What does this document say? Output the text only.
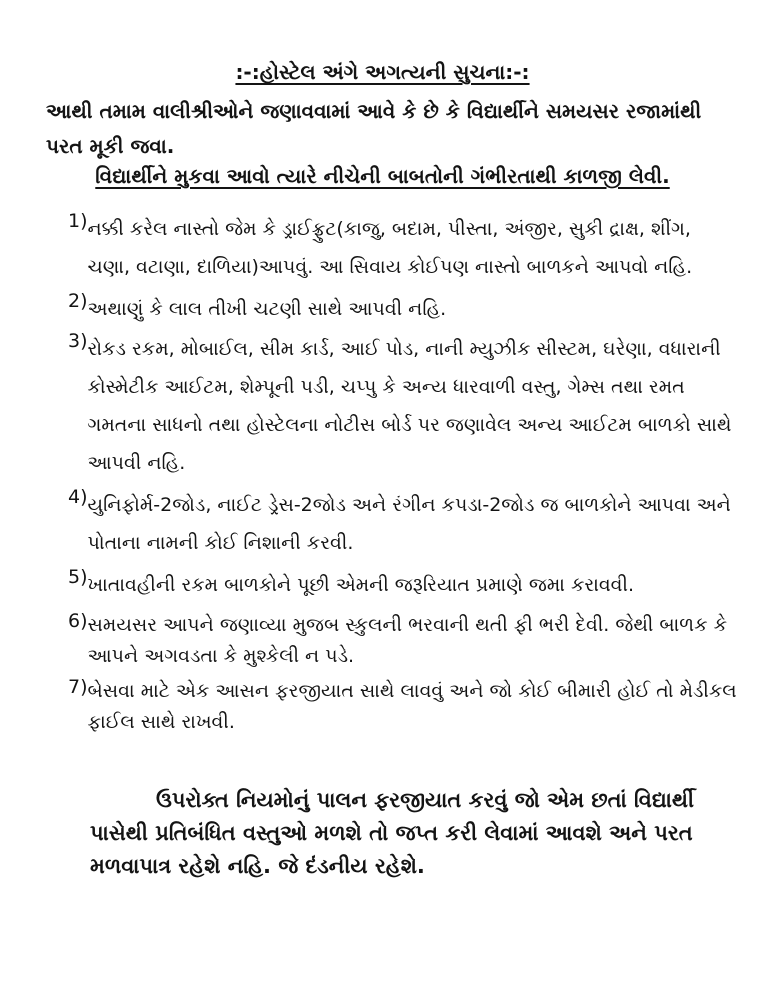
:-:હોસ્ટેલ અંગે અગત્યની સુચના:-:
આથી તમામ વાલીશ્રીઓને જણાવવામાં આવે કે છે કે વિદ્યાર્થીને સમયસર રજામાંથી પરત મૂકી જવા.
વિદ્યાર્થીને મુકવા આવો ત્યારે નીચેની બાબતોની ગંભીરતાથી કાળજી લેવી.
1) નક્કી કરેલ નાસ્તો જેમ કે ડ્રાઈફ્રુટ(કાજુ, બદામ, પીસ્તા, અંજીર, સુકી દ્રાક્ષ, શીંગ, ચણા, વટાણા, દાળિયા)આપવું. આ સિવાય કોઈપણ નાસ્તો બાળકને આપવો નહિ.
2) અથાણું કે લાલ તીખી ચટણી સાથે આપવી નહિ.
3) રોકડ રકમ, મોબાઈલ, સીમ કાર્ડ, આઈ પોડ, નાની મ્યુઝીક સીસ્ટમ, ઘરેણા, વધારાની કોસ્મેટીક આઈટમ, શેમ્પૂની પડી, ચપ્પુ કે અન્ય ધારવાળી વસ્તુ, ગેમ્સ તથા રમત ગમતના સાધનો તથા હોસ્ટેલના નોટીસ બોર્ડ પર જણાવેલ અન્ય આઈટમ બાળકો સાથે આપવી નહિ.
4) યુનિફોર્મ-2જોડ, નાઈટ ડ્રેસ-2જોડ અને રંગીન કપડા-2જોડ જ બાળકોને આપવા અને પોતાના નામની કોઈ નિશાની કરવી.
5) ખાતાવહીની રકમ બાળકોને પૂછી એમની જરૂરિયાત પ્રમાણે જમા કરાવવી.
6) સમયસર આપને જણાવ્યા મુજબ સ્કુલની ભરવાની થતી ફી ભરી દેવી. જેથી બાળક કે આપને અગવડતા કે મુશ્કેલી ન પડે.
7) બેસવા માટે એક આસન ફરજીયાત સાથે લાવવું અને જો કોઈ બીમારી હોઈ તો મેડીકલ ફાઈલ સાથે રાખવી.
ઉપરોક્ત નિયમોનું પાલન ફરજીયાત કરવું જો એમ છતાં વિદ્યાર્થી પાસેથી પ્રતિબંધિત વસ્તુઓ મળશે તો જપ્ત કરી લેવામાં આવશે અને પરત મળવાપાત્ર રહેશે નહિ. જે દંડનીય રહેશે.
